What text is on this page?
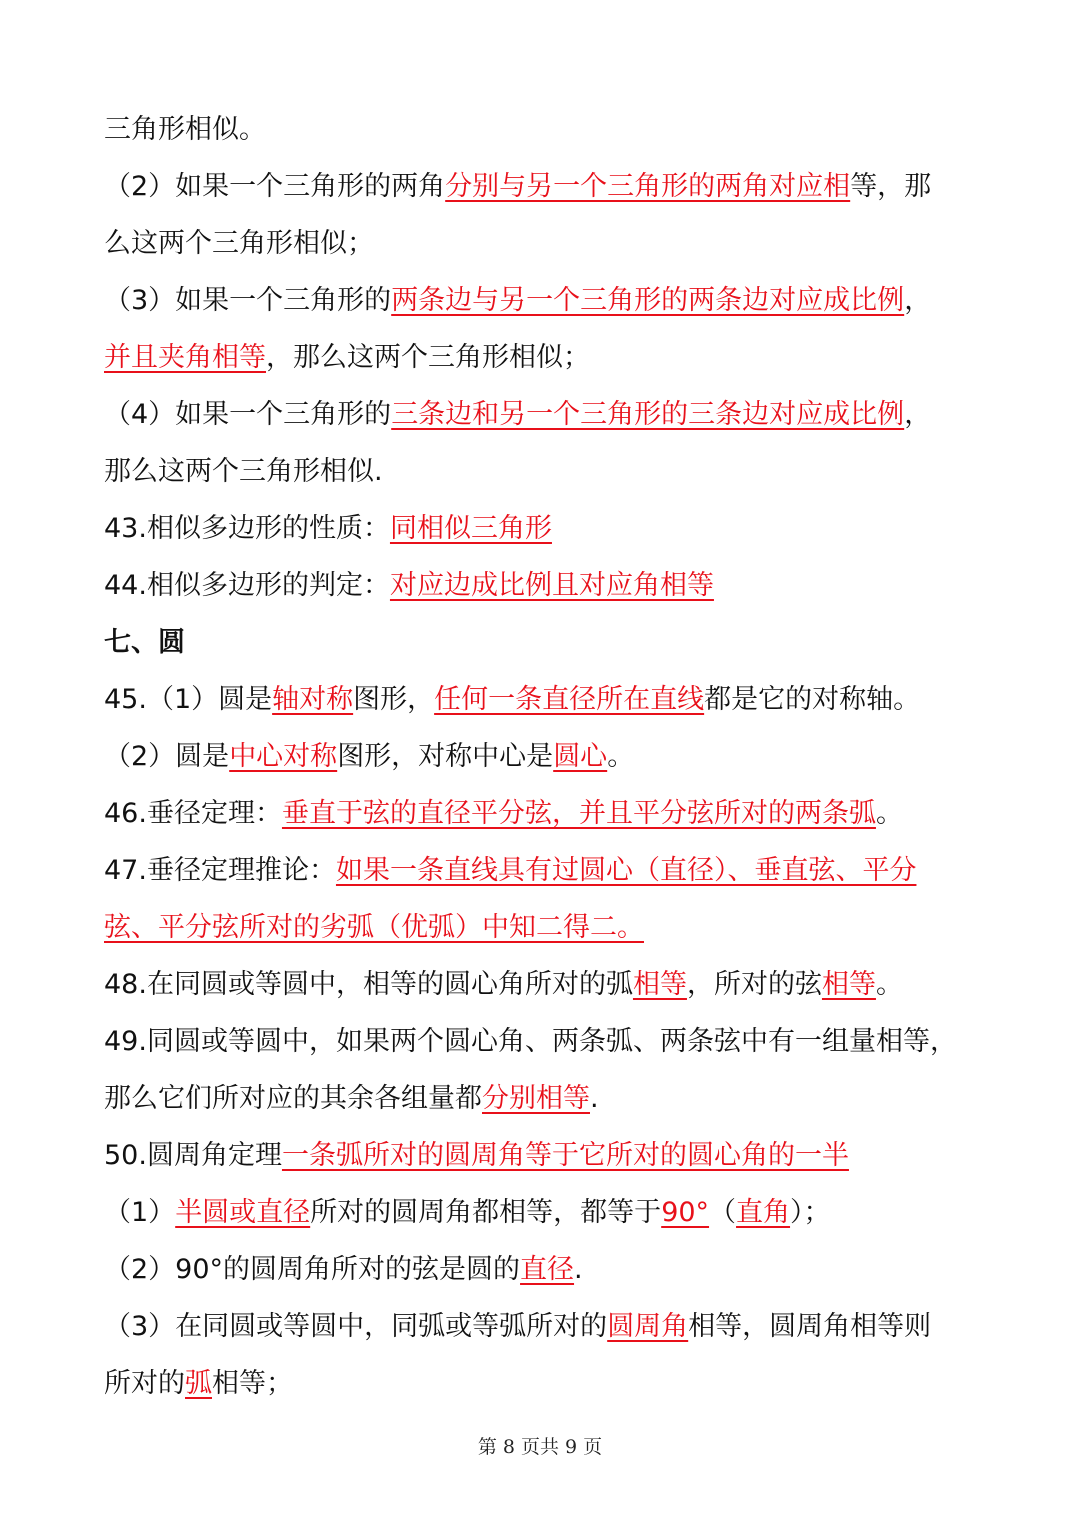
三角形相似。
（2）如果一个三角形的两角分别与另一个三角形的两角对应相等，那
么这两个三角形相似；
（3）如果一个三角形的两条边与另一个三角形的两条边对应成比例，
并且夹角相等，那么这两个三角形相似；
（4）如果一个三角形的三条边和另一个三角形的三条边对应成比例，
那么这两个三角形相似.
43.相似多边形的性质：同相似三角形
44.相似多边形的判定：对应边成比例且对应角相等
七、圆
45.（1）圆是轴对称图形，任何一条直径所在直线都是它的对称轴。
（2）圆是中心对称图形，对称中心是圆心。
46.垂径定理：垂直于弦的直径平分弦，并且平分弦所对的两条弧。
47.垂径定理推论：如果一条直线具有过圆心（直径）、垂直弦、平分
弦、平分弦所对的劣弧（优弧）中知二得二。
48.在同圆或等圆中，相等的圆心角所对的弧相等，所对的弦相等。
49.同圆或等圆中，如果两个圆心角、两条弧、两条弦中有一组量相等，
那么它们所对应的其余各组量都分别相等.
50.圆周角定理一条弧所对的圆周角等于它所对的圆心角的一半
（1）半圆或直径所对的圆周角都相等，都等于90°（直角）；
（2）90°的圆周角所对的弦是圆的直径.
（3）在同圆或等圆中，同弧或等弧所对的圆周角相等，圆周角相等则
所对的弧相等；
第 8 页共 9 页
